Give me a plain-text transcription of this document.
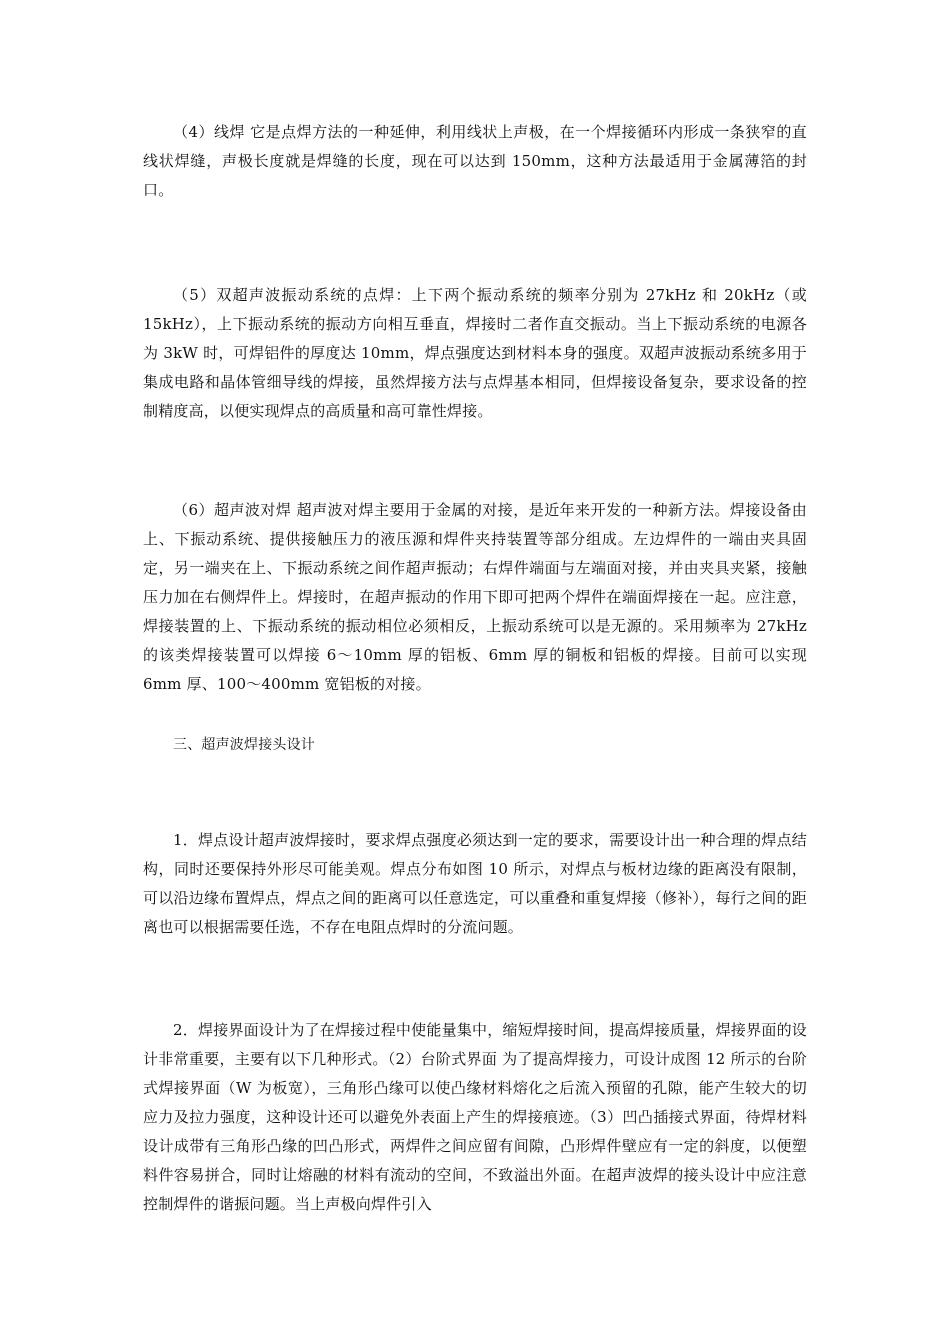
（4）线焊 它是点焊方法的一种延伸，利用线状上声极，在一个焊接循环内形成一条狭窄的直线状焊缝，声极长度就是焊缝的长度，现在可以达到 150mm，这种方法最适用于金属薄箔的封口。

（5）双超声波振动系统的点焊：上下两个振动系统的频率分别为 27kHz 和 20kHz（或 15kHz），上下振动系统的振动方向相互垂直，焊接时二者作直交振动。当上下振动系统的电源各为 3kW 时，可焊铝件的厚度达 10mm，焊点强度达到材料本身的强度。双超声波振动系统多用于集成电路和晶体管细导线的焊接，虽然焊接方法与点焊基本相同，但焊接设备复杂，要求设备的控制精度高，以便实现焊点的高质量和高可靠性焊接。

（6）超声波对焊 超声波对焊主要用于金属的对接，是近年来开发的一种新方法。焊接设备由上、下振动系统、提供接触压力的液压源和焊件夹持装置等部分组成。左边焊件的一端由夹具固定，另一端夹在上、下振动系统之间作超声振动；右焊件端面与左端面对接，并由夹具夹紧，接触压力加在右侧焊件上。焊接时，在超声振动的作用下即可把两个焊件在端面焊接在一起。应注意，焊接装置的上、下振动系统的振动相位必须相反，上振动系统可以是无源的。采用频率为 27kHz 的该类焊接装置可以焊接 6～10mm 厚的铝板、6mm 厚的铜板和铝板的焊接。目前可以实现 6mm 厚、100～400mm 宽铝板的对接。

三、超声波焊接头设计

1．焊点设计超声波焊接时，要求焊点强度必须达到一定的要求，需要设计出一种合理的焊点结构，同时还要保持外形尽可能美观。焊点分布如图 10 所示，对焊点与板材边缘的距离没有限制，可以沿边缘布置焊点，焊点之间的距离可以任意选定，可以重叠和重复焊接（修补），每行之间的距离也可以根据需要任选，不存在电阻点焊时的分流问题。

2．焊接界面设计为了在焊接过程中使能量集中，缩短焊接时间，提高焊接质量，焊接界面的设计非常重要，主要有以下几种形式。（2）台阶式界面 为了提高焊接力，可设计成图 12 所示的台阶式焊接界面（W 为板宽），三角形凸缘可以使凸缘材料熔化之后流入预留的孔隙，能产生较大的切应力及拉力强度，这种设计还可以避免外表面上产生的焊接痕迹。（3）凹凸插接式界面，待焊材料设计成带有三角形凸缘的凹凸形式，两焊件之间应留有间隙，凸形焊件壁应有一定的斜度，以便塑料件容易拼合，同时让熔融的材料有流动的空间，不致溢出外面。在超声波焊的接头设计中应注意控制焊件的谐振问题。当上声极向焊件引入
